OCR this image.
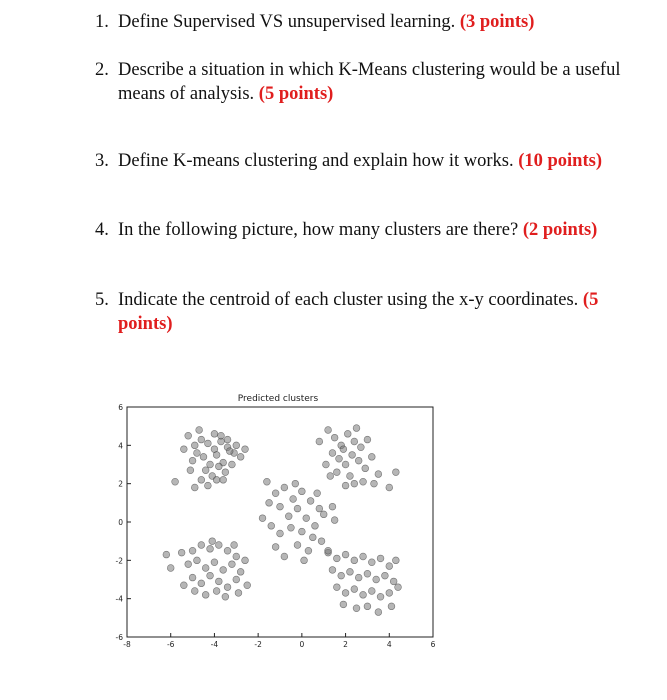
1. Define Supervised VS unsupervised learning. (3 points)
2. Describe a situation in which K-Means clustering would be a useful means of analysis. (5 points)
3. Define K-means clustering and explain how it works. (10 points)
4. In the following picture, how many clusters are there? (2 points)
5. Indicate the centroid of each cluster using the x-y coordinates. (5 points)
Predicted clusters
-8	-6	-4	-2	0	2	4	6
6
4
2
0
-2
-4
-6
